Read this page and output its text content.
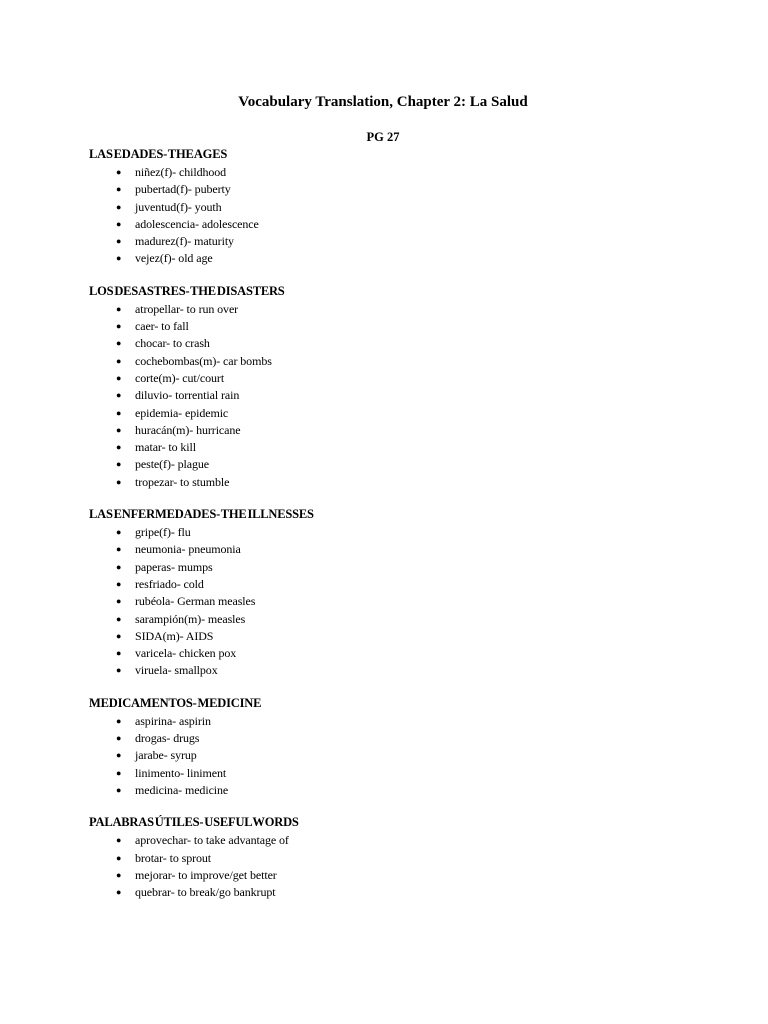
Vocabulary Translation, Chapter 2: La Salud
PG 27
LAS EDADES- THE AGES
● niñez(f)- childhood
● pubertad(f)- puberty
● juventud(f)- youth
● adolescencia- adolescence
● madurez(f)- maturity
● vejez(f)- old age
LOS DESASTRES- THE DISASTERS
● atropellar- to run over
● caer- to fall
● chocar- to crash
● cochebombas(m)- car bombs
● corte(m)- cut/court
● diluvio- torrential rain
● epidemia- epidemic
● huracán(m)- hurricane
● matar- to kill
● peste(f)- plague
● tropezar- to stumble
LAS ENFERMEDADES- THE ILLNESSES
● gripe(f)- flu
● neumonia- pneumonia
● paperas- mumps
● resfriado- cold
● rubéola- German measles
● sarampión(m)- measles
● SIDA(m)- AIDS
● varicela- chicken pox
● viruela- smallpox
MEDICAMENTOS- MEDICINE
● aspirina- aspirin
● drogas- drugs
● jarabe- syrup
● linimento- liniment
● medicina- medicine
PALABRAS ÚTILES- USEFUL WORDS
● aprovechar- to take advantage of
● brotar- to sprout
● mejorar- to improve/get better
● quebrar- to break/go bankrupt
